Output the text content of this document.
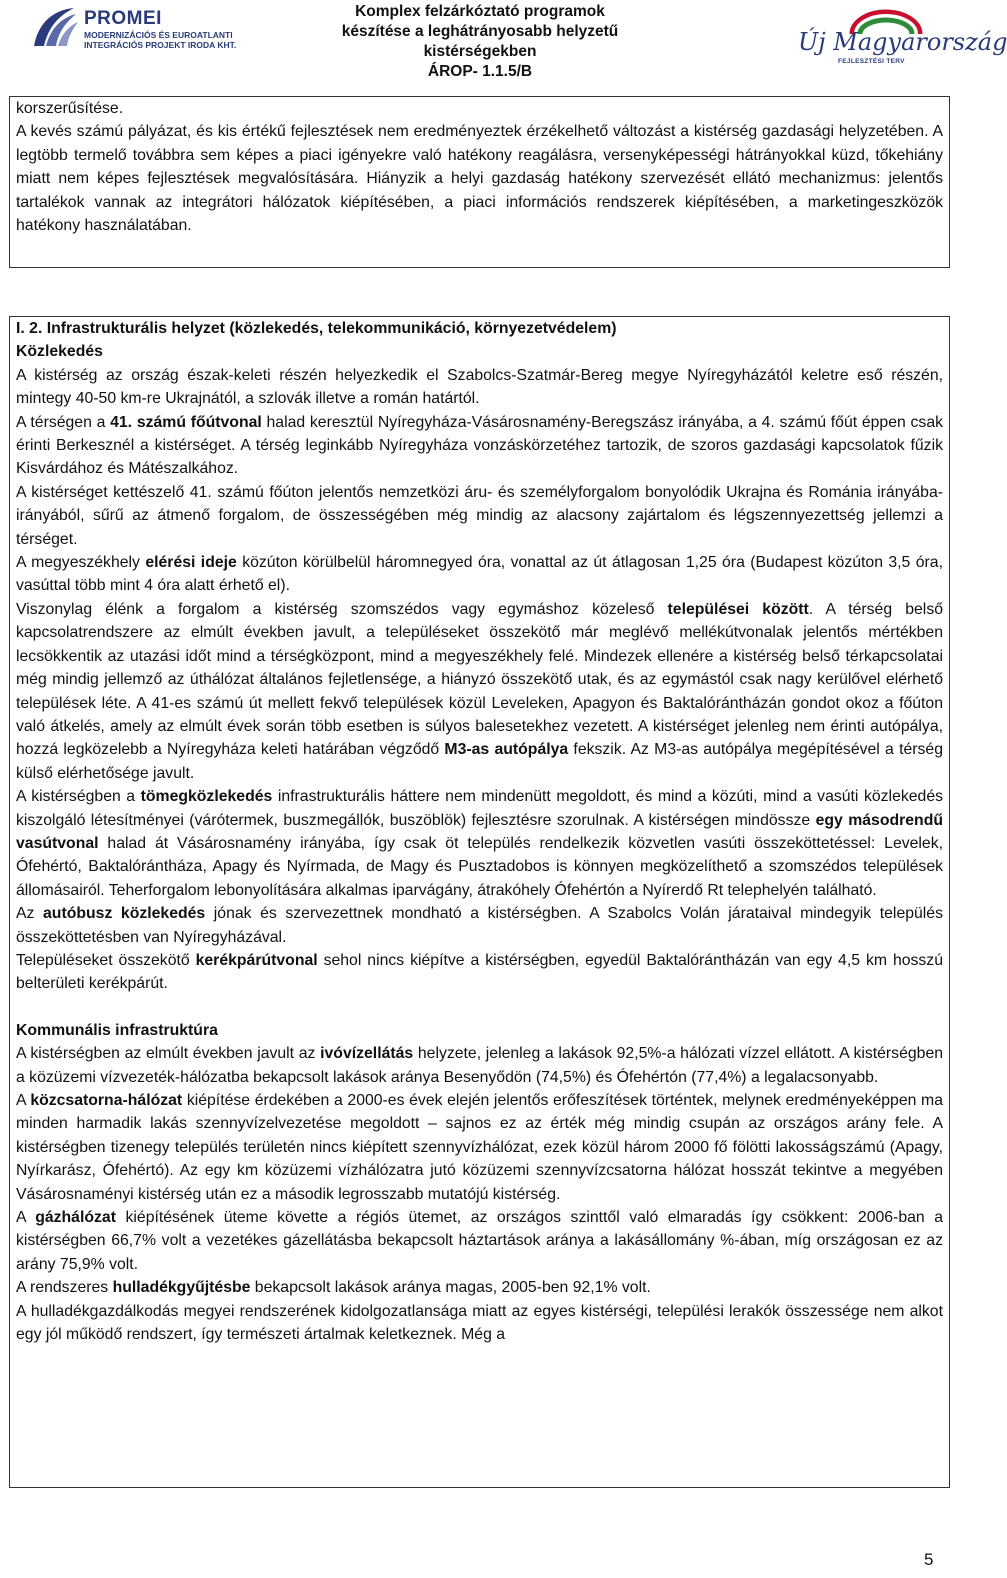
PROMEI
MODERNIZÁCIÓS ÉS EUROATLANTI
INTEGRÁCIÓS PROJEKT IRODA KHT.
Komplex felzárkóztató programok
készítése a leghátrányosabb helyzetű
kistérségekben
ÁROP- 1.1.5/B
Új Magyarország
FEJLESZTÉSI TERV

korszerűsítése.

A kevés számú pályázat, és kis értékű fejlesztések nem eredményeztek érzékelhető változást a kistérség gazdasági helyzetében. A legtöbb termelő továbbra sem képes a piaci igényekre való hatékony reagálásra, versenyképességi hátrányokkal küzd, tőkehiány miatt nem képes fejlesztések megvalósítására. Hiányzik a helyi gazdaság hatékony szervezését ellátó mechanizmus: jelentős tartalékok vannak az integrátori hálózatok kiépítésében, a piaci információs rendszerek kiépítésében, a marketingeszközök hatékony használatában.

I. 2. Infrastrukturális helyzet (közlekedés, telekommunikáció, környezetvédelem)

Közlekedés

A kistérség az ország észak-keleti részén helyezkedik el Szabolcs-Szatmár-Bereg megye Nyíregyházától keletre eső részén, mintegy 40-50 km-re Ukrajnától, a szlovák illetve a román határtól.

A térségen a 41. számú főútvonal halad keresztül Nyíregyháza-Vásárosnamény-Beregszász irányába, a 4. számú főút éppen csak érinti Berkesznél a kistérséget. A térség leginkább Nyíregyháza vonzáskörzetéhez tartozik, de szoros gazdasági kapcsolatok fűzik Kisvárdához és Mátészalkához.

A kistérséget kettészelő 41. számú főúton jelentős nemzetközi áru- és személyforgalom bonyolódik Ukrajna és Románia irányába-irányából, sűrű az átmenő forgalom, de összességében még mindig az alacsony zajártalom és légszennyezettség jellemzi a térséget.

A megyeszékhely elérési ideje közúton körülbelül háromnegyed óra, vonattal az út átlagosan 1,25 óra (Budapest közúton 3,5 óra, vasúttal több mint 4 óra alatt érhető el).

Viszonylag élénk a forgalom a kistérség szomszédos vagy egymáshoz közeleső települései között. A térség belső kapcsolatrendszere az elmúlt években javult, a településeket összekötő már meglévő mellékútvonalak jelentős mértékben lecsökkentik az utazási időt mind a térségközpont, mind a megyeszékhely felé. Mindezek ellenére a kistérség belső térkapcsolatai még mindig jellemző az úthálózat általános fejletlensége, a hiányzó összekötő utak, és az egymástól csak nagy kerülővel elérhető települések léte. A 41-es számú út mellett fekvő települések közül Leveleken, Apagyon és Baktalórántházán gondot okoz a főúton való átkelés, amely az elmúlt évek során több esetben is súlyos balesetekhez vezetett. A kistérséget jelenleg nem érinti autópálya, hozzá legközelebb a Nyíregyháza keleti határában végződő M3-as autópálya fekszik. Az M3-as autópálya megépítésével a térség külső elérhetősége javult.

A kistérségben a tömegközlekedés infrastrukturális háttere nem mindenütt megoldott, és mind a közúti, mind a vasúti közlekedés kiszolgáló létesítményei (várótermek, buszmegállók, buszöblök) fejlesztésre szorulnak. A kistérségen mindössze egy másodrendű vasútvonal halad át Vásárosnamény irányába, így csak öt település rendelkezik közvetlen vasúti összeköttetéssel: Levelek, Ófehértó, Baktalórántháza, Apagy és Nyírmada, de Magy és Pusztadobos is könnyen megközelíthető a szomszédos települések állomásairól. Teherforgalom lebonyolítására alkalmas iparvágány, átrakóhely Ófehértón a Nyírerdő Rt telephelyén található.

Az autóbusz közlekedés jónak és szervezettnek mondható a kistérségben. A Szabolcs Volán járataival mindegyik település összeköttetésben van Nyíregyházával.

Településeket összekötő kerékpárútvonal sehol nincs kiépítve a kistérségben, egyedül Baktalórántházán van egy 4,5 km hosszú belterületi kerékpárút.

Kommunális infrastruktúra

A kistérségben az elmúlt években javult az ivóvízellátás helyzete, jelenleg a lakások 92,5%-a hálózati vízzel ellátott. A kistérségben a közüzemi vízvezeték-hálózatba bekapcsolt lakások aránya Besenyődön (74,5%) és Ófehértón (77,4%) a legalacsonyabb.

A közcsatorna-hálózat kiépítése érdekében a 2000-es évek elején jelentős erőfeszítések történtek, melynek eredményeképpen ma minden harmadik lakás szennyvízelvezetése megoldott – sajnos ez az érték még mindig csupán az országos arány fele. A kistérségben tizenegy település területén nincs kiépített szennyvízhálózat, ezek közül három 2000 fő fölötti lakosságszámú (Apagy, Nyírkarász, Ófehértó). Az egy km közüzemi vízhálózatra jutó közüzemi szennyvízcsatorna hálózat hosszát tekintve a megyében Vásárosnaményi kistérség után ez a második legrosszabb mutatójú kistérség.

A gázhálózat kiépítésének üteme követte a régiós ütemet, az országos szinttől való elmaradás így csökkent: 2006-ban a kistérségben 66,7% volt a vezetékes gázellátásba bekapcsolt háztartások aránya a lakásállomány %-ában, míg országosan ez az arány 75,9% volt.

A rendszeres hulladékgyűjtésbe bekapcsolt lakások aránya magas, 2005-ben 92,1% volt.

A hulladékgazdálkodás megyei rendszerének kidolgozatlansága miatt az egyes kistérségi, települési lerakók összessége nem alkot egy jól működő rendszert, így természeti ártalmak keletkeznek. Még a

5
